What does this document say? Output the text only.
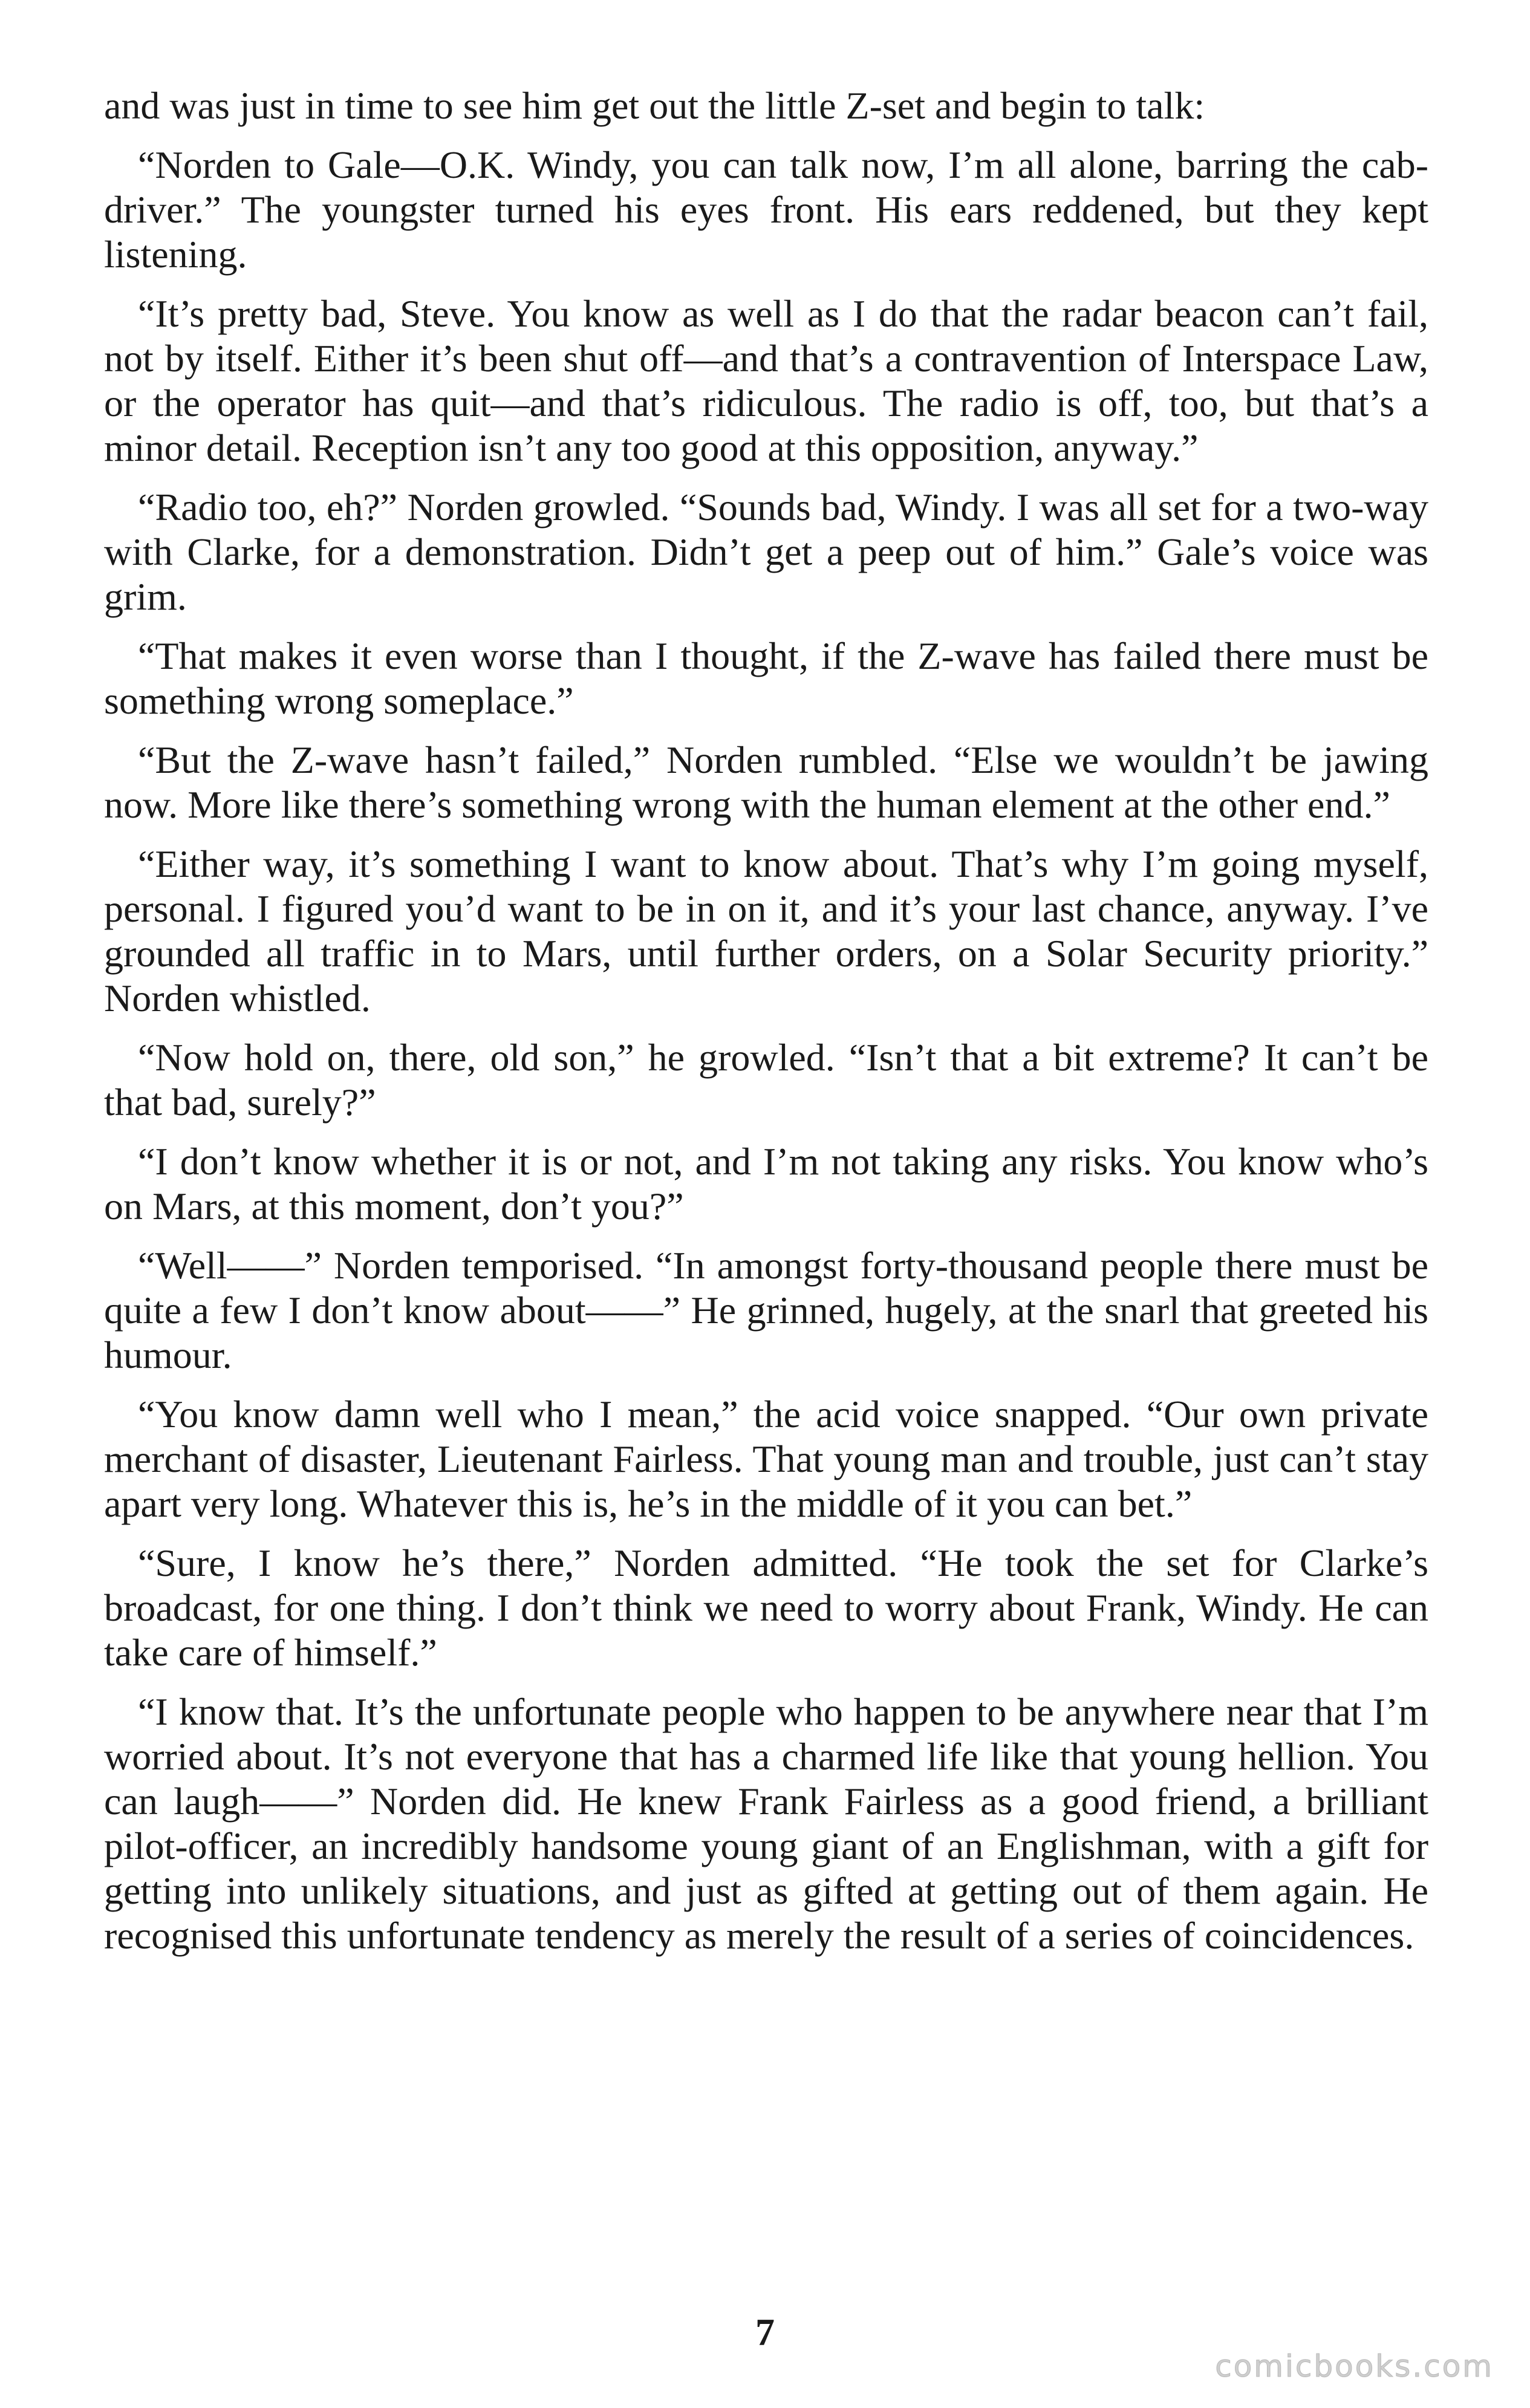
and was just in time to see him get out the little Z-set and begin to talk:

“Norden to Gale—O.K. Windy, you can talk now, I’m all alone, barring the cab-driver.” The youngster turned his eyes front. His ears reddened, but they kept listening.

“It’s pretty bad, Steve. You know as well as I do that the radar beacon can’t fail, not by itself. Either it’s been shut off—and that’s a contravention of Interspace Law, or the operator has quit—and that’s ridiculous. The radio is off, too, but that’s a minor detail. Reception isn’t any too good at this opposition, anyway.”

“Radio too, eh?” Norden growled. “Sounds bad, Windy. I was all set for a two-way with Clarke, for a demonstration. Didn’t get a peep out of him.” Gale’s voice was grim.

“That makes it even worse than I thought, if the Z-wave has failed there must be something wrong someplace.”

“But the Z-wave hasn’t failed,” Norden rumbled. “Else we wouldn’t be jawing now. More like there’s something wrong with the human element at the other end.”

“Either way, it’s something I want to know about. That’s why I’m going myself, personal. I figured you’d want to be in on it, and it’s your last chance, anyway. I’ve grounded all traffic in to Mars, until further orders, on a Solar Security priority.” Norden whistled.

“Now hold on, there, old son,” he growled. “Isn’t that a bit extreme? It can’t be that bad, surely?”

“I don’t know whether it is or not, and I’m not taking any risks. You know who’s on Mars, at this moment, don’t you?”

“Well——” Norden temporised. “In amongst forty-thousand people there must be quite a few I don’t know about——” He grinned, hugely, at the snarl that greeted his humour.

“You know damn well who I mean,” the acid voice snapped. “Our own private merchant of disaster, Lieutenant Fairless. That young man and trouble, just can’t stay apart very long. Whatever this is, he’s in the middle of it you can bet.”

“Sure, I know he’s there,” Norden admitted. “He took the set for Clarke’s broadcast, for one thing. I don’t think we need to worry about Frank, Windy. He can take care of himself.”

“I know that. It’s the unfortunate people who happen to be anywhere near that I’m worried about. It’s not everyone that has a charmed life like that young hellion. You can laugh——” Norden did. He knew Frank Fairless as a good friend, a brilliant pilot-officer, an incredibly handsome young giant of an Englishman, with a gift for getting into unlikely situations, and just as gifted at getting out of them again. He recognised this unfortunate tendency as merely the result of a series of coincidences.

7
comicbooks.com
